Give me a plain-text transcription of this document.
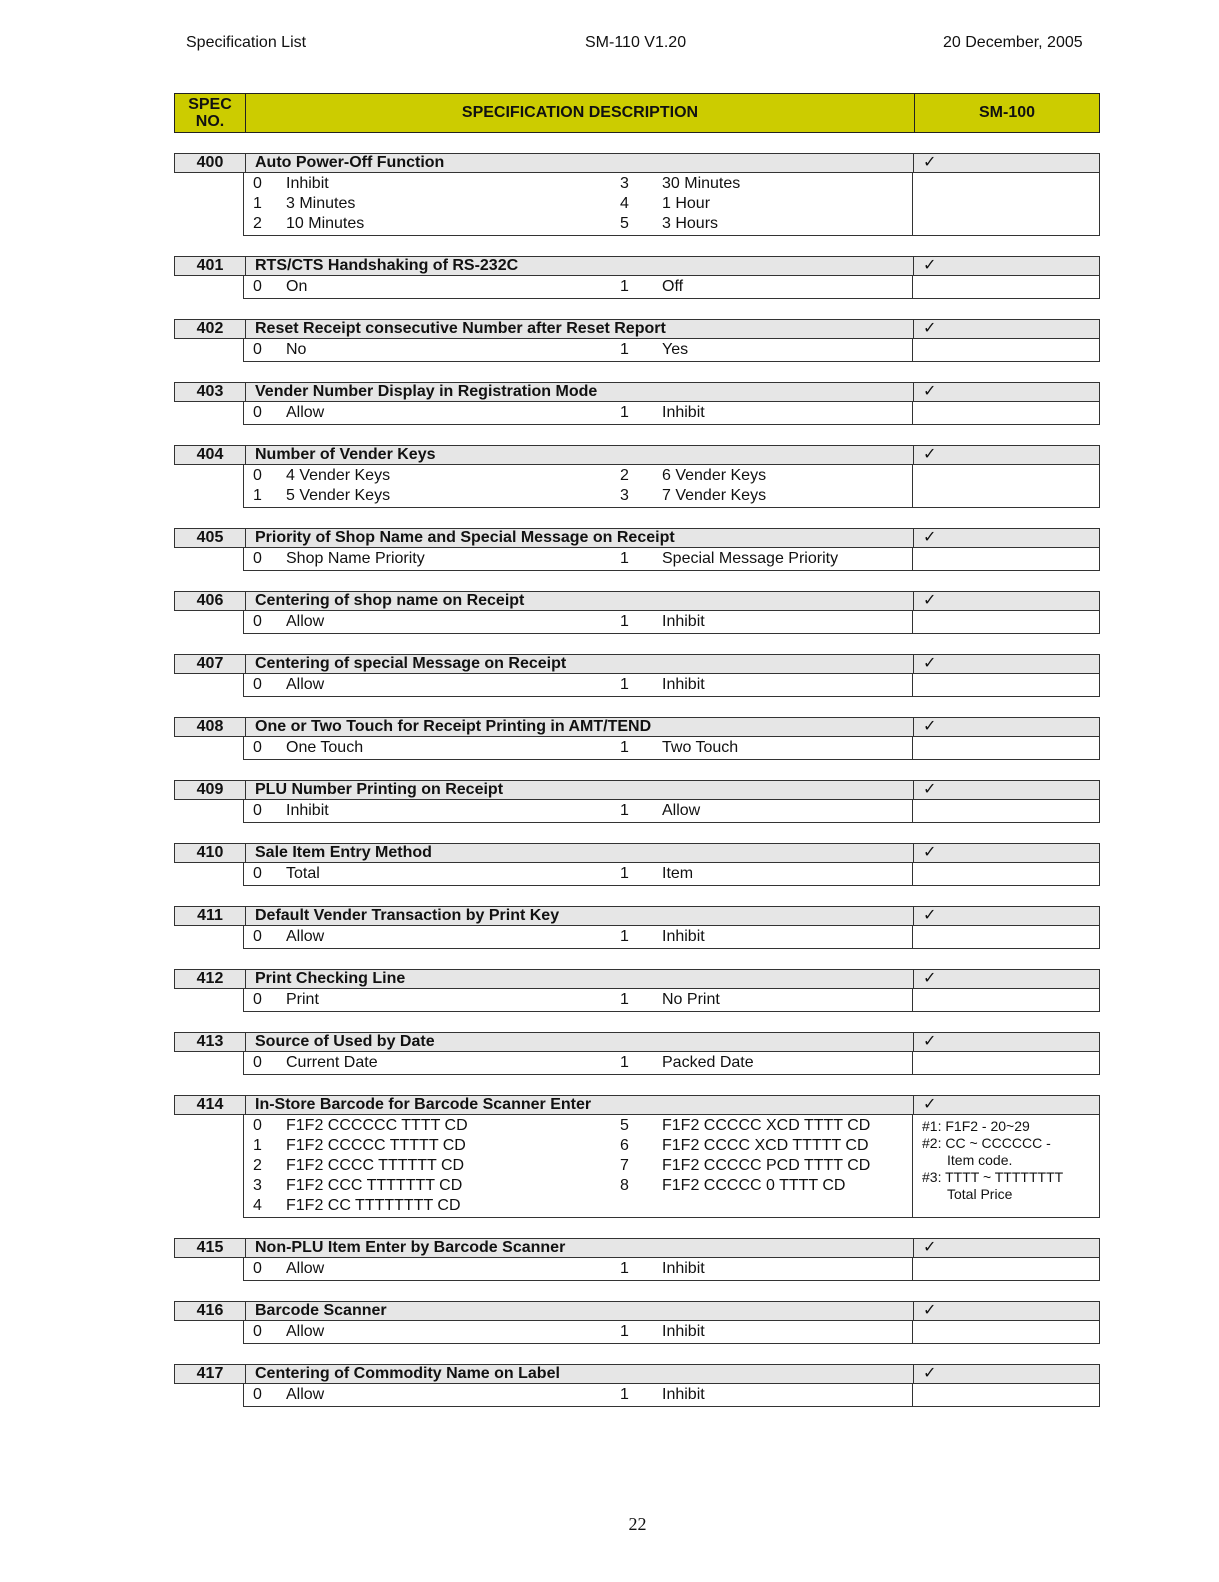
Specification List	SM-110 V1.20	20 December, 2005
SPEC
NO.
SPECIFICATION DESCRIPTION	SM-100
400	Auto Power-Off Function	✓
0	Inhibit	3	30 Minutes
1	3 Minutes	4	1 Hour
2	10 Minutes	5	3 Hours
401	RTS/CTS Handshaking of RS-232C	✓
0	On	1	Off
402	Reset Receipt consecutive Number after Reset Report	✓
0	No	1	Yes
403	Vender Number Display in Registration Mode	✓
0	Allow	1	Inhibit
404	Number of Vender Keys	✓
0	4 Vender Keys	2	6 Vender Keys
1	5 Vender Keys	3	7 Vender Keys
405	Priority of Shop Name and Special Message on Receipt	✓
0	Shop Name Priority	1	Special Message Priority
406	Centering of shop name on Receipt	✓
0	Allow	1	Inhibit
407	Centering of special Message on Receipt	✓
0	Allow	1	Inhibit
408	One or Two Touch for Receipt Printing in AMT/TEND	✓
0	One Touch	1	Two Touch
409	PLU Number Printing on Receipt	✓
0	Inhibit	1	Allow
410	Sale Item Entry Method	✓
0	Total	1	Item
411	Default Vender Transaction by Print Key	✓
0	Allow	1	Inhibit
412	Print Checking Line	✓
0	Print	1	No Print
413	Source of Used by Date	✓
0	Current Date	1	Packed Date
414	In-Store Barcode for Barcode Scanner Enter	✓
0	F1F2 CCCCCC TTTT CD	5	F1F2 CCCCC XCD TTTT CD
1	F1F2 CCCCC TTTTT CD	6	F1F2 CCCC XCD TTTTT CD
2	F1F2 CCCC TTTTTT CD	7	F1F2 CCCCC PCD TTTT CD
3	F1F2 CCC TTTTTTT CD	8	F1F2 CCCCC 0 TTTT CD
4	F1F2 CC TTTTTTTT CD
#1: F1F2 - 20~29
#2: CC ~ CCCCCC -
Item code.
#3: TTTT ~ TTTTTTTT
Total Price
415	Non-PLU Item Enter by Barcode Scanner	✓
0	Allow	1	Inhibit
416	Barcode Scanner	✓
0	Allow	1	Inhibit
417	Centering of Commodity Name on Label	✓
0	Allow	1	Inhibit
22
